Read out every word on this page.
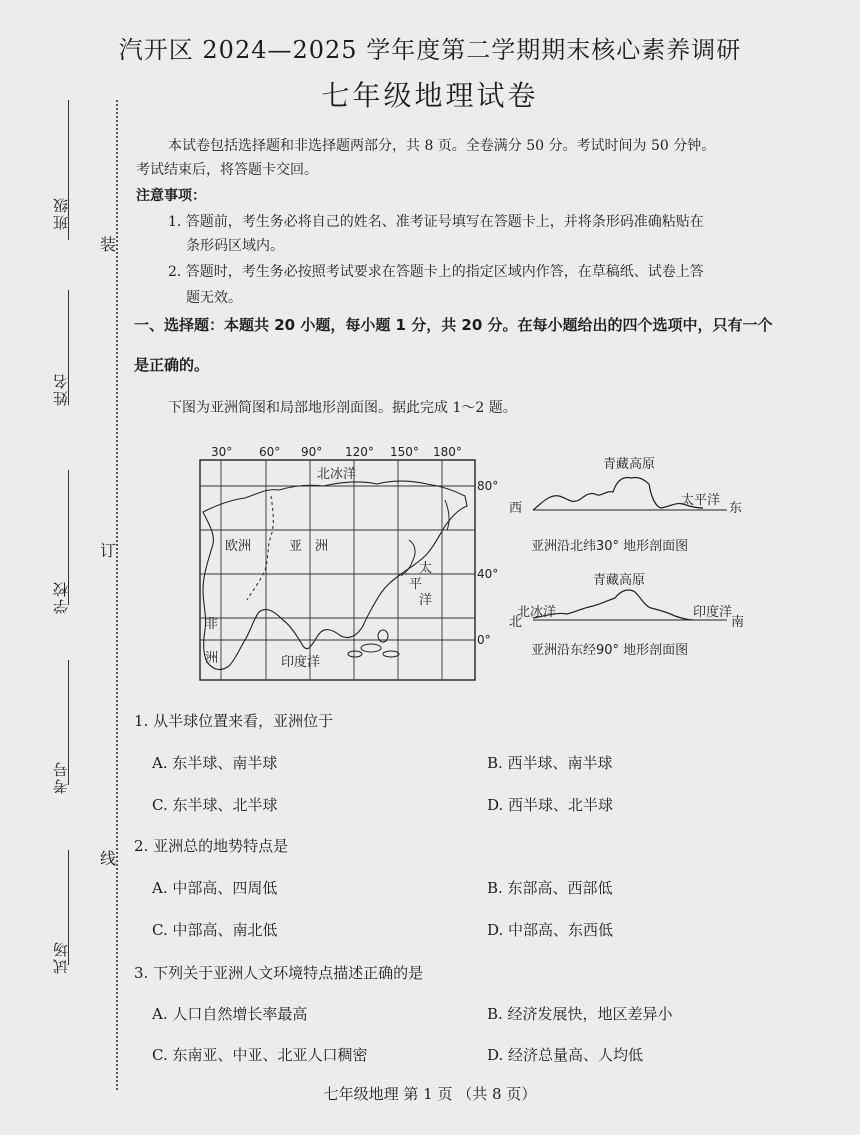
班级
姓名
学校
考号
试场
装
订
线
汽开区 2024—2025 学年度第二学期期末核心素养调研
七年级地理试卷
本试卷包括选择题和非选择题两部分，共 8 页。全卷满分 50 分。考试时间为 50 分钟。
考试结束后，将答题卡交回。
注意事项：
1. 答题前，考生务必将自己的姓名、准考证号填写在答题卡上，并将条形码准确粘贴在
条形码区域内。
2. 答题时，考生务必按照考试要求在答题卡上的指定区域内作答，在草稿纸、试卷上答
题无效。
一、选择题：本题共 20 小题，每小题 1 分，共 20 分。在每小题给出的四个选项中，只有一个
是正确的。
下图为亚洲简图和局部地形剖面图。据此完成 1～2 题。
30° 60° 90° 120° 150° 180°
80°
40°
0°
北冰洋
欧洲	亚 洲
非
洲	印度洋
太
平
洋
青藏高原
西
太平洋
东
亚洲沿北纬30° 地形剖面图
青藏高原
北
北冰洋	印度洋
南
亚洲沿东经90° 地形剖面图
1. 从半球位置来看，亚洲位于
A. 东半球、南半球	B. 西半球、南半球
C. 东半球、北半球	D. 西半球、北半球
2. 亚洲总的地势特点是
A. 中部高、四周低	B. 东部高、西部低
C. 中部高、南北低	D. 中部高、东西低
3. 下列关于亚洲人文环境特点描述正确的是
A. 人口自然增长率最高	B. 经济发展快，地区差异小
C. 东南亚、中亚、北亚人口稠密	D. 经济总量高、人均低
七年级地理 第 1 页 （共 8 页）
